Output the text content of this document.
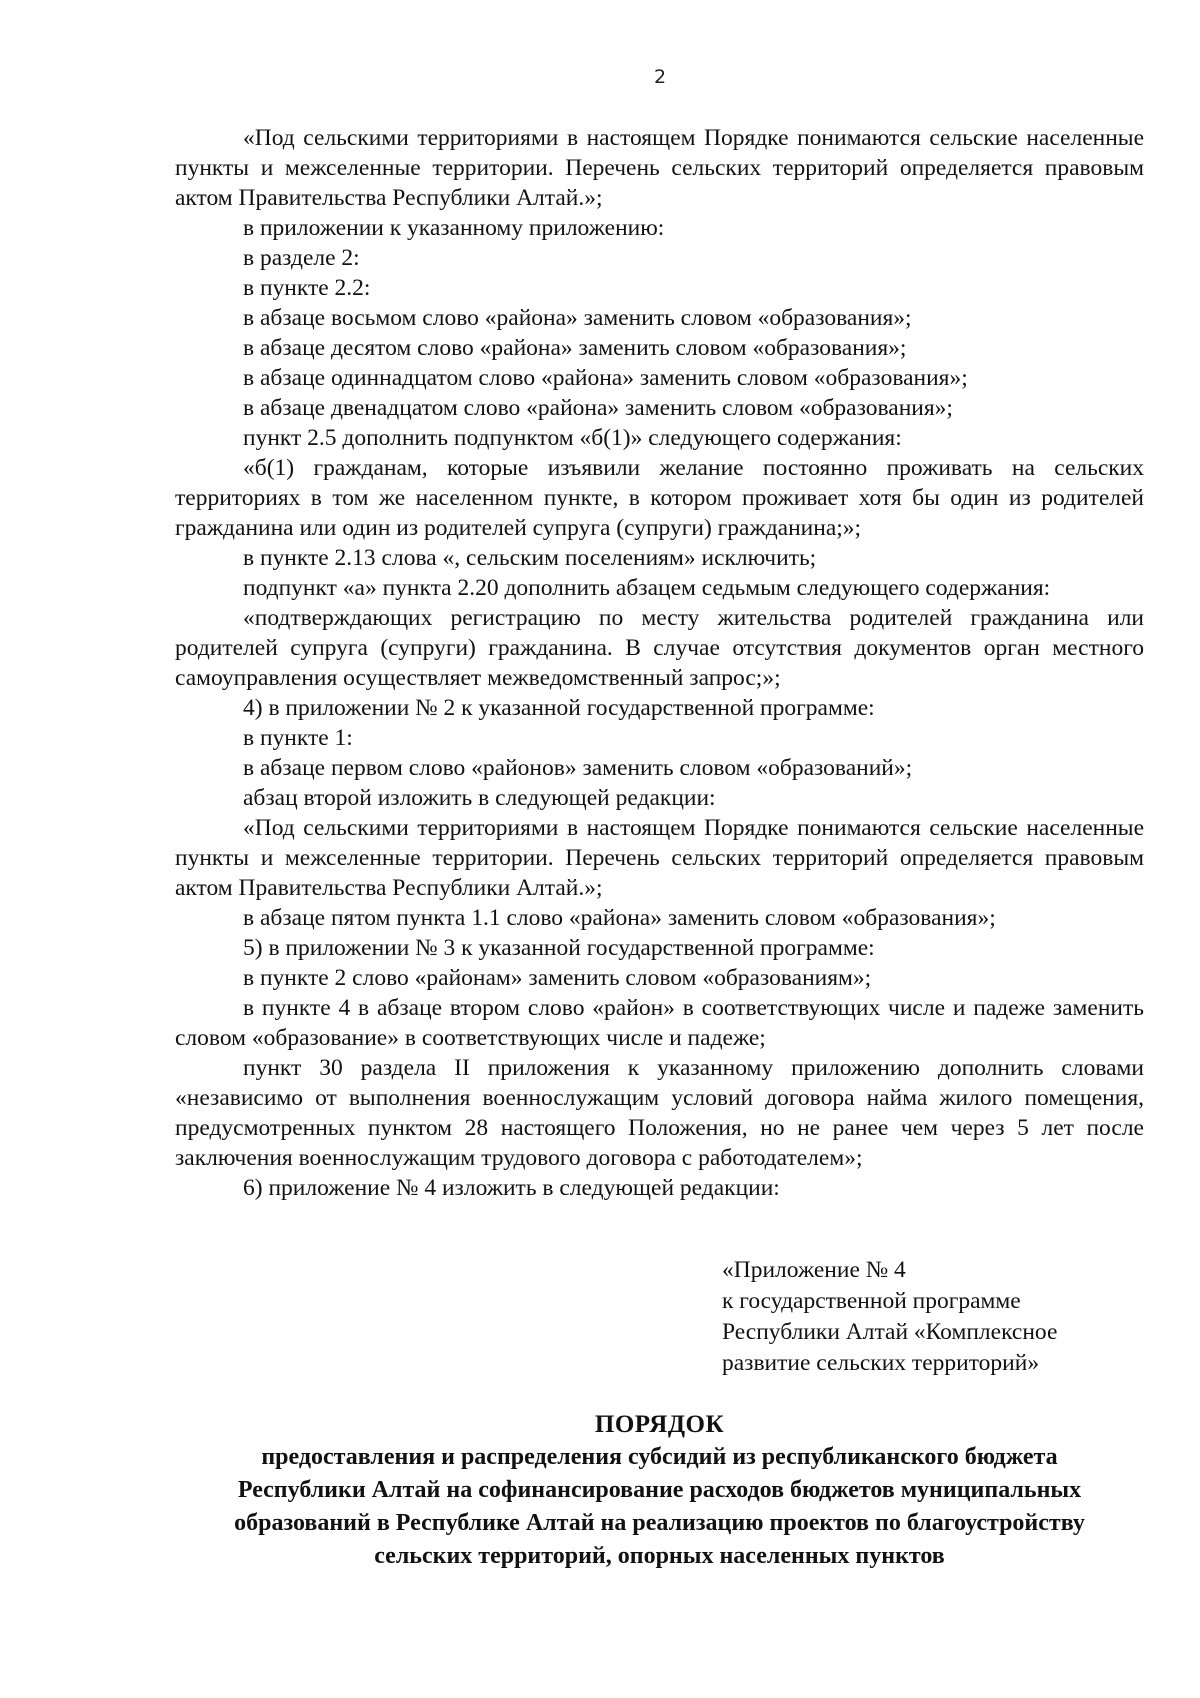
2

«Под сельскими территориями в настоящем Порядке понимаются сельские населенные пункты и межселенные территории. Перечень сельских территорий определяется правовым актом Правительства Республики Алтай.»;

в приложении к указанному приложению:

в разделе 2:

в пункте 2.2:

в абзаце восьмом слово «района» заменить словом «образования»;

в абзаце десятом слово «района» заменить словом «образования»;

в абзаце одиннадцатом слово «района» заменить словом «образования»;

в абзаце двенадцатом слово «района» заменить словом «образования»;

пункт 2.5 дополнить подпунктом «б(1)» следующего содержания:

«б(1) гражданам, которые изъявили желание постоянно проживать на сельских территориях в том же населенном пункте, в котором проживает хотя бы один из родителей гражданина или один из родителей супруга (супруги) гражданина;»;

в пункте 2.13 слова «, сельским поселениям» исключить;

подпункт «а» пункта 2.20 дополнить абзацем седьмым следующего содержания:

«подтверждающих регистрацию по месту жительства родителей гражданина или родителей супруга (супруги) гражданина. В случае отсутствия документов орган местного самоуправления осуществляет межведомственный запрос;»;

4) в приложении № 2 к указанной государственной программе:

в пункте 1:

в абзаце первом слово «районов» заменить словом «образований»;

абзац второй изложить в следующей редакции:

«Под сельскими территориями в настоящем Порядке понимаются сельские населенные пункты и межселенные территории. Перечень сельских территорий определяется правовым актом Правительства Республики Алтай.»;

в абзаце пятом пункта 1.1 слово «района» заменить словом «образования»;

5) в приложении № 3 к указанной государственной программе:

в пункте 2 слово «районам» заменить словом «образованиям»;

в пункте 4 в абзаце втором слово «район» в соответствующих числе и падеже заменить словом «образование» в соответствующих числе и падеже;

пункт 30 раздела II приложения к указанному приложению дополнить словами «независимо от выполнения военнослужащим условий договора найма жилого помещения, предусмотренных пунктом 28 настоящего Положения, но не ранее чем через 5 лет после заключения военнослужащим трудового договора с работодателем»;

6) приложение № 4 изложить в следующей редакции:

«Приложение № 4
к государственной программе
Республики Алтай «Комплексное
развитие сельских территорий»
ПОРЯДОК
предоставления и распределения субсидий из республиканского бюджета
Республики Алтай на софинансирование расходов бюджетов муниципальных
образований в Республике Алтай на реализацию проектов по благоустройству
сельских территорий, опорных населенных пунктов
